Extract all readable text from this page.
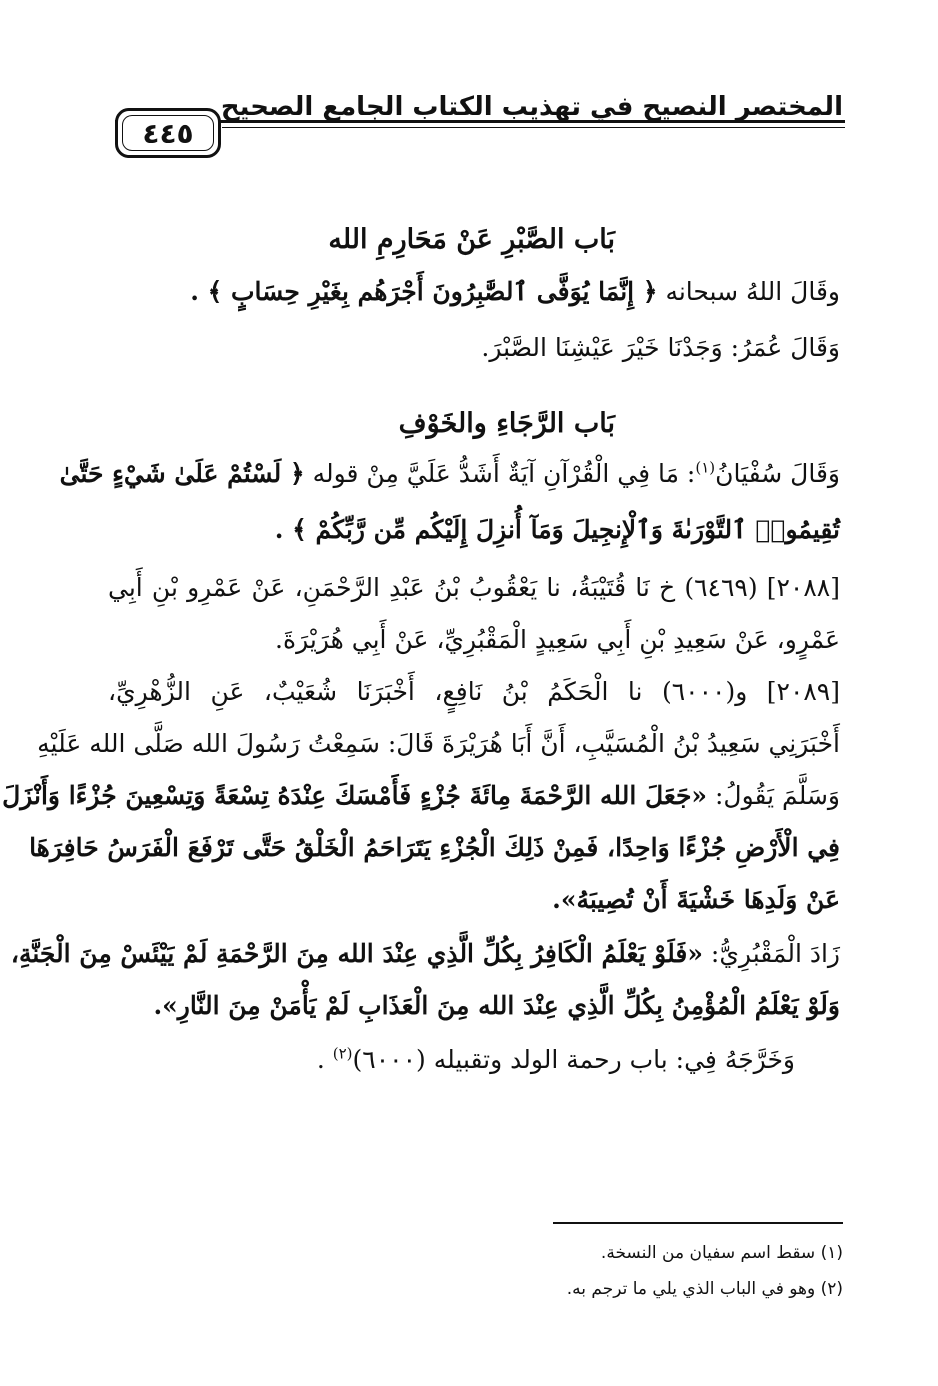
المختصر النصيح في تهذيب الكتاب الجامع الصحيح
٤٤٥
بَاب الصَّبْرِ عَنْ مَحَارِمِ الله
وقَالَ اللهُ سبحانه ﴿ إِنَّمَا يُوَفَّى ٱلصَّٰبِرُونَ أَجْرَهُم بِغَيْرِ حِسَابٍ ﴾ .
وَقَالَ عُمَرُ: وَجَدْنَا خَيْرَ عَيْشِنَا الصَّبْرَ.
بَاب الرَّجَاءِ والخَوْفِ
وَقَالَ سُفْيَانُ$^{(١)}$: مَا فِي الْقُرْآنِ آيَةٌ أَشَدُّ عَلَيَّ مِنْ قوله ﴿ لَسْتُمْ عَلَىٰ شَيْءٍ حَتَّىٰ
تُقِيمُوا۟ ٱلتَّوْرَىٰةَ وَٱلْإِنجِيلَ وَمَآ أُنزِلَ إِلَيْكُم مِّن رَّبِّكُمْ ﴾ .
[٢٠٨٨] (٦٤٦٩) خ نَا قُتَيْبَةُ، نا يَعْقُوبُ بْنُ عَبْدِ الرَّحْمَنِ، عَنْ عَمْرِو بْنِ أَبِي
عَمْرٍو، عَنْ سَعِيدِ بْنِ أَبِي سَعِيدٍ الْمَقْبُرِيِّ، عَنْ أَبِي هُرَيْرَةَ.
[٢٠٨٩] و(٦٠٠٠) نا الْحَكَمُ بْنُ نَافِعٍ، أَخْبَرَنَا شُعَيْبٌ، عَنِ الزُّهْرِيِّ،
أَخْبَرَنِي سَعِيدُ بْنُ الْمُسَيَّبِ، أَنَّ أَبَا هُرَيْرَةَ قَالَ: سَمِعْتُ رَسُولَ الله صَلَّى الله عَلَيْهِ
وَسَلَّمَ يَقُولُ: «جَعَلَ الله الرَّحْمَةَ مِائَةَ جُزْءٍ فَأَمْسَكَ عِنْدَهُ تِسْعَةً وَتِسْعِينَ جُزْءًا وَأَنْزَلَ
فِي الْأَرْضِ جُزْءًا وَاحِدًا، فَمِنْ ذَلِكَ الْجُزْءِ يَتَرَاحَمُ الْخَلْقُ حَتَّى تَرْفَعَ الْفَرَسُ حَافِرَهَا
عَنْ وَلَدِهَا خَشْيَةَ أَنْ تُصِيبَهُ».
زَادَ الْمَقْبُرِيُّ: «فَلَوْ يَعْلَمُ الْكَافِرُ بِكُلِّ الَّذِي عِنْدَ الله مِنَ الرَّحْمَةِ لَمْ يَيْئَسْ مِنَ الْجَنَّةِ،
وَلَوْ يَعْلَمُ الْمُؤْمِنُ بِكُلِّ الَّذِي عِنْدَ الله مِنَ الْعَذَابِ لَمْ يَأْمَنْ مِنَ النَّارِ».
وَخَرَّجَهُ فِي: باب رحمة الولد وتقبيله (٦٠٠٠)$^{(٢)}$ .
(١) سقط اسم سفيان من النسخة.
(٢) وهو في الباب الذي يلي ما ترجم به.
